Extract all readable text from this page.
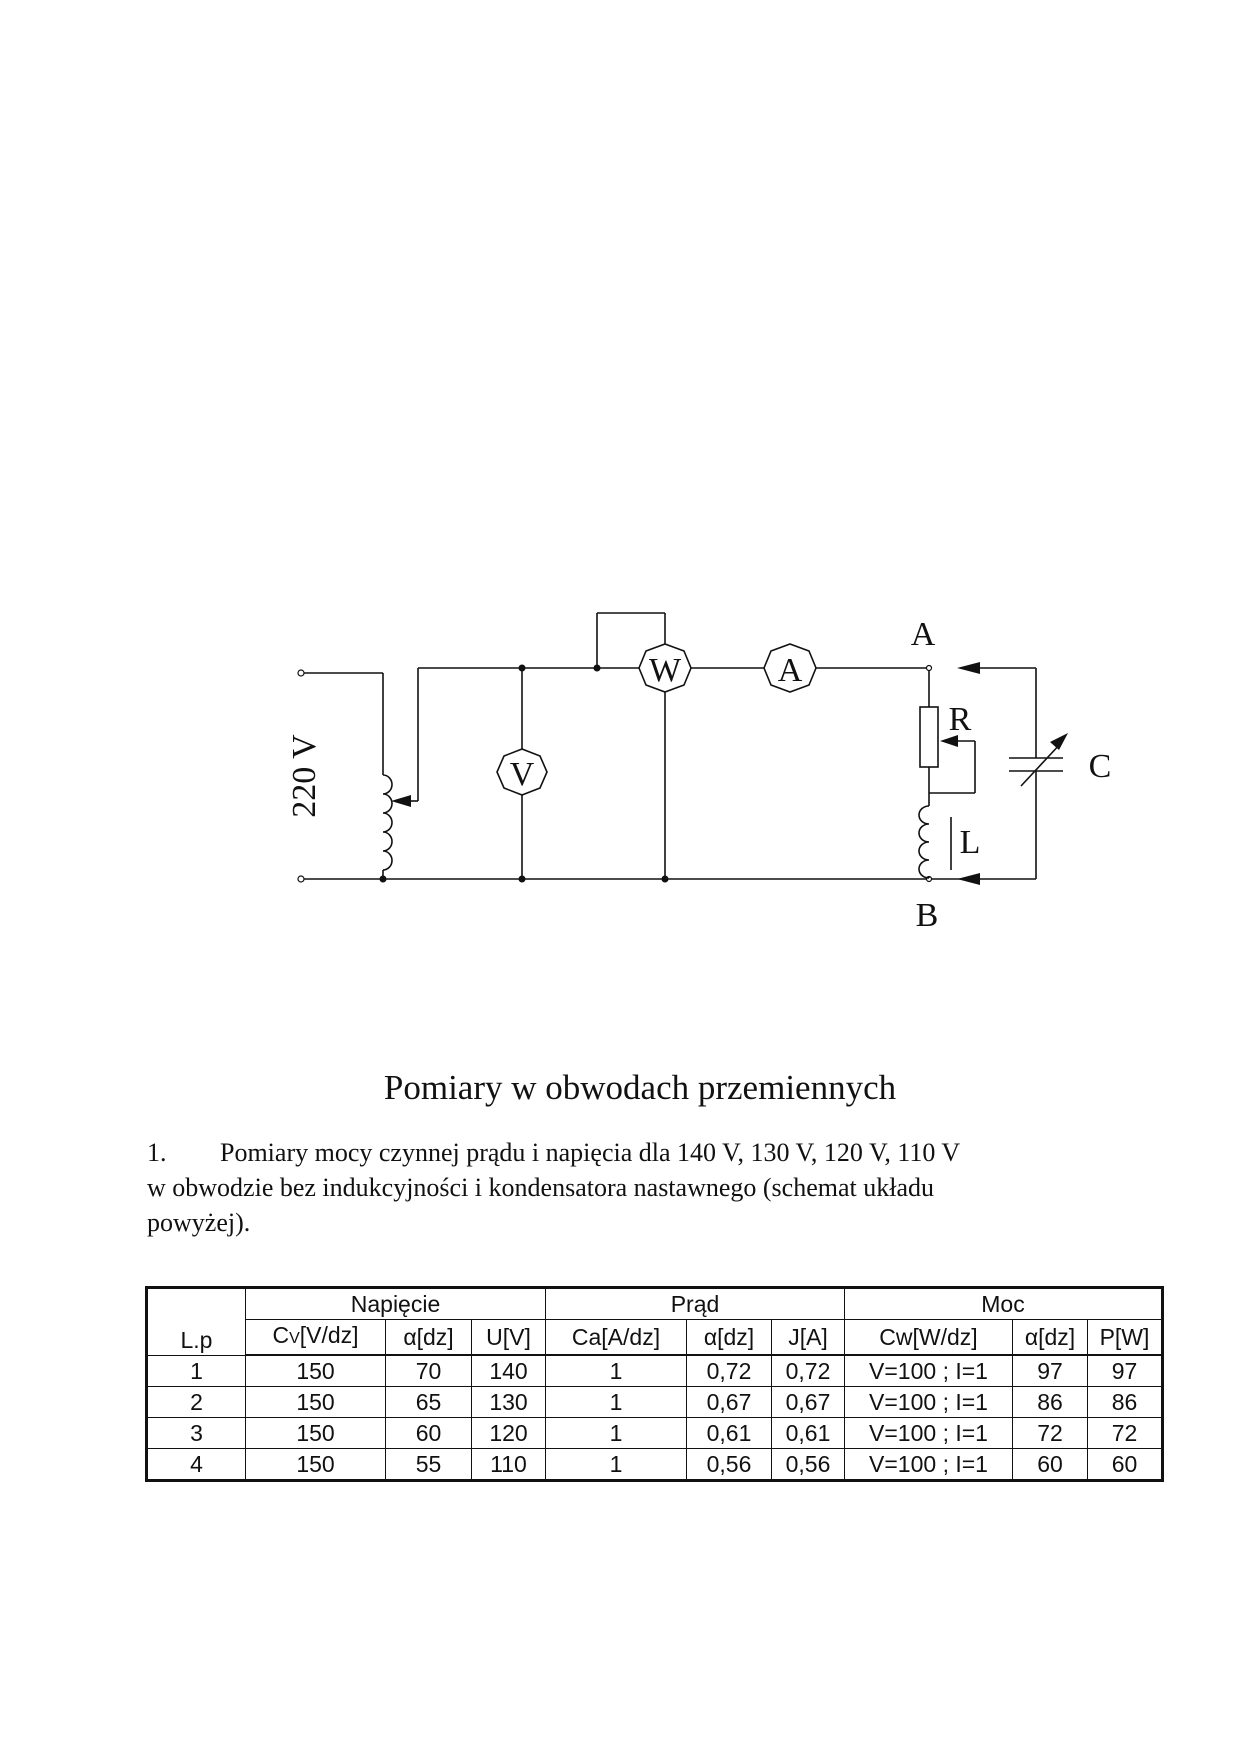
V
W	A
A
B
R
L
C
220 V
Pomiary w obwodach przemiennych
1. Pomiary mocy czynnej prądu i napięcia dla 140 V, 130 V, 120 V, 110 V
w obwodzie bez indukcyjności i kondensatora nastawnego (schemat układu
powyżej).
L.p	Napięcie			Prąd			Moc		
	CV[V/dz]	α[dz]	U[V]	Ca[A/dz]	α[dz]	J[A]	Cw[W/dz]	α[dz]	P[W]
1	150	70	140	1	0,72	0,72	V=100 ; I=1	97	97
2	150	65	130	1	0,67	0,67	V=100 ; I=1	86	86
3	150	60	120	1	0,61	0,61	V=100 ; I=1	72	72
4	150	55	110	1	0,56	0,56	V=100 ; I=1	60	60
